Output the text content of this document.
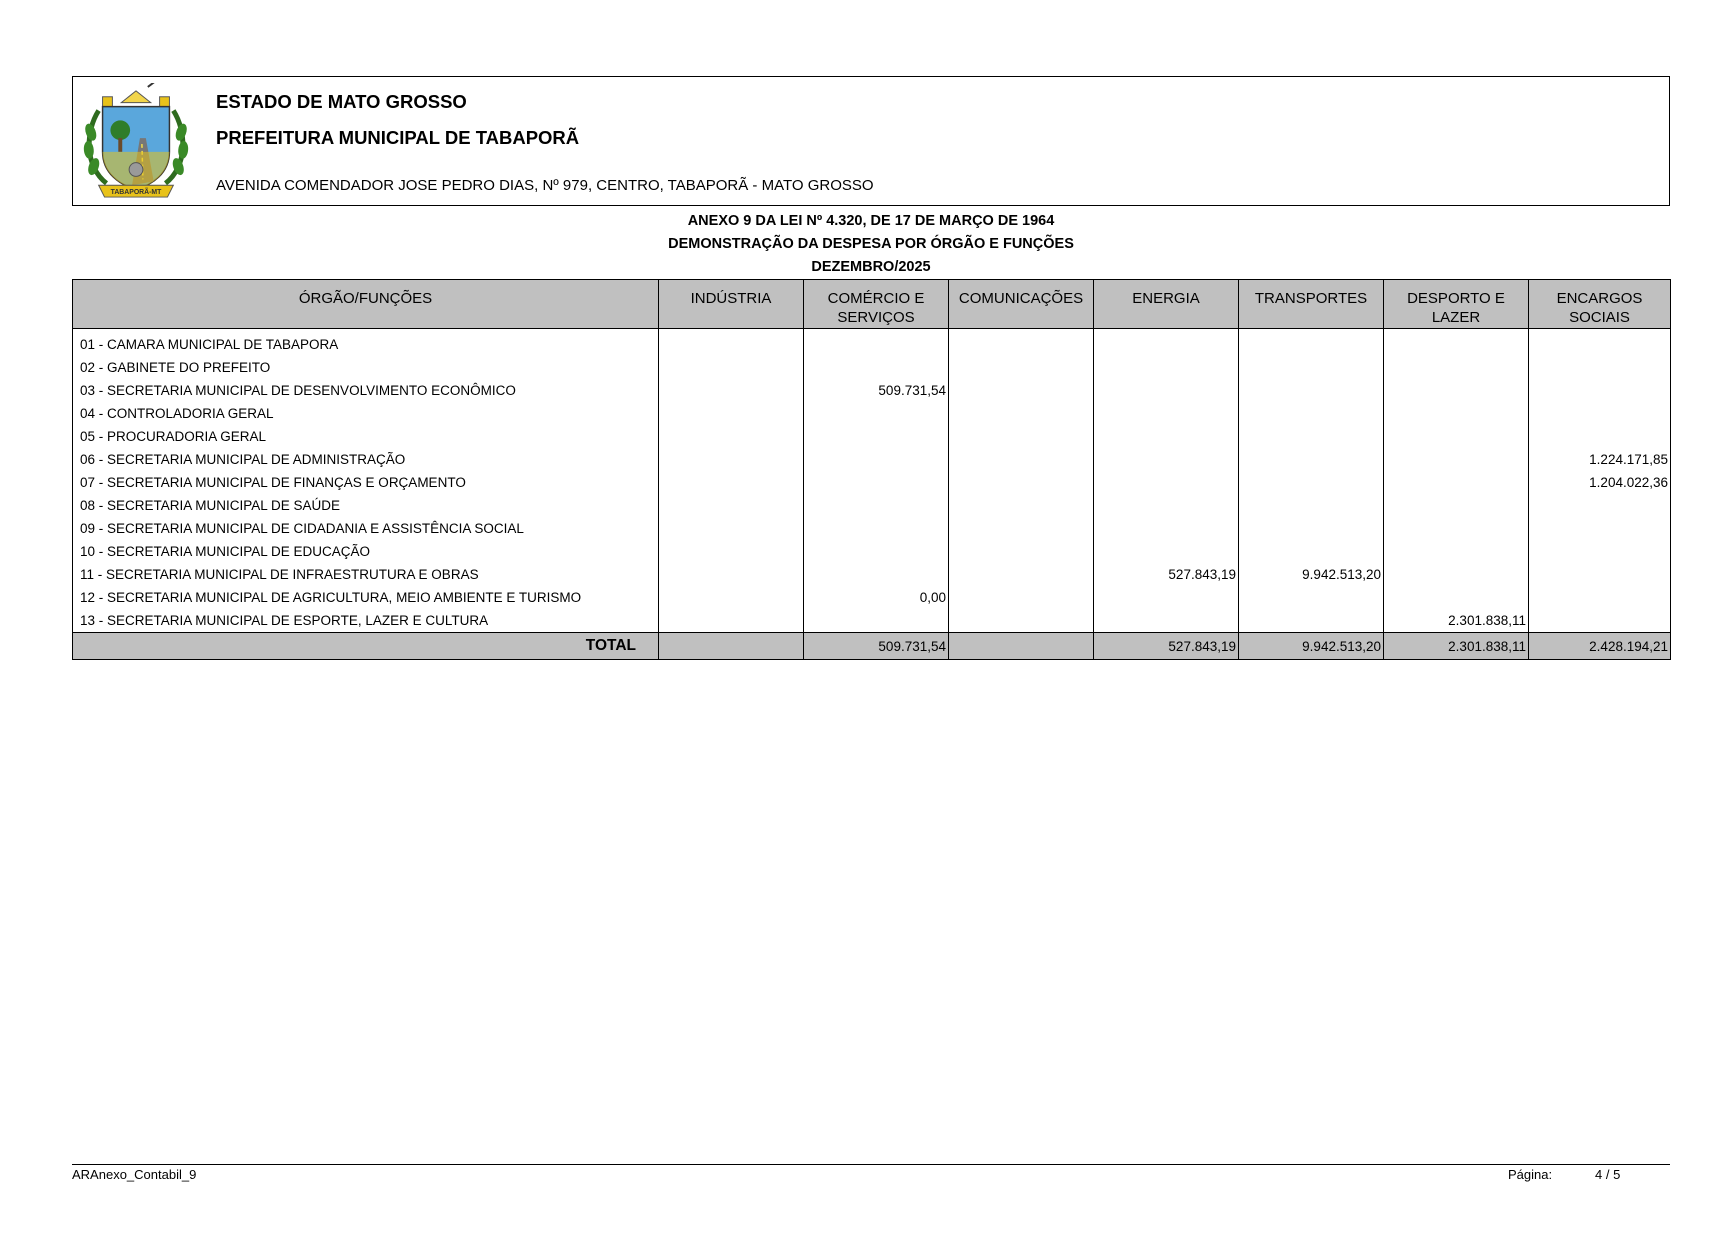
TABAPORÃ-MT
ESTADO DE MATO GROSSO
PREFEITURA MUNICIPAL DE TABAPORÃ
AVENIDA COMENDADOR JOSE PEDRO DIAS, Nº 979, CENTRO, TABAPORÃ - MATO GROSSO
ANEXO 9 DA LEI Nº 4.320, DE 17 DE MARÇO DE 1964
DEMONSTRAÇÃO DA DESPESA POR ÓRGÃO E FUNÇÕES
DEZEMBRO/2025
ÓRGÃO/FUNÇÕES	INDÚSTRIA	COMÉRCIO E SERVIÇOS	COMUNICAÇÕES	ENERGIA	TRANSPORTES	DESPORTO E LAZER	ENCARGOS SOCIAIS
01 - CAMARA MUNICIPAL DE TABAPORA							
02 - GABINETE DO PREFEITO							
03 - SECRETARIA MUNICIPAL DE DESENVOLVIMENTO ECONÔMICO		509.731,54					
04 - CONTROLADORIA GERAL							
05 - PROCURADORIA GERAL							
06 - SECRETARIA MUNICIPAL DE ADMINISTRAÇÃO							1.224.171,85
07 - SECRETARIA MUNICIPAL DE FINANÇAS E ORÇAMENTO							1.204.022,36
08 - SECRETARIA MUNICIPAL DE SAÚDE							
09 - SECRETARIA MUNICIPAL DE CIDADANIA E ASSISTÊNCIA SOCIAL							
10 - SECRETARIA MUNICIPAL DE EDUCAÇÃO							
11 - SECRETARIA MUNICIPAL DE INFRAESTRUTURA E OBRAS				527.843,19	9.942.513,20		
12 - SECRETARIA MUNICIPAL DE AGRICULTURA, MEIO AMBIENTE E TURISMO		0,00					
13 - SECRETARIA MUNICIPAL DE ESPORTE, LAZER E CULTURA						2.301.838,11	
TOTAL		509.731,54		527.843,19	9.942.513,20	2.301.838,11	2.428.194,21
ARAnexo_Contabil_9	Página:	4 / 5
